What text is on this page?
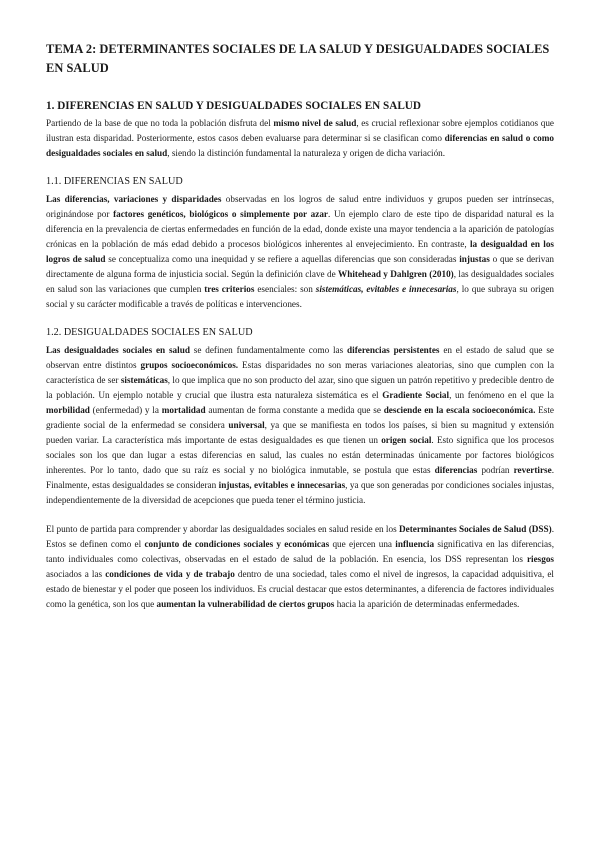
TEMA 2: DETERMINANTES SOCIALES DE LA SALUD Y DESIGUALDADES SOCIALES EN SALUD
1. DIFERENCIAS EN SALUD Y DESIGUALDADES SOCIALES EN SALUD

Partiendo de la base de que no toda la población disfruta del mismo nivel de salud, es crucial reflexionar sobre ejemplos cotidianos que ilustran esta disparidad. Posteriormente, estos casos deben evaluarse para determinar si se clasifican como diferencias en salud o como desigualdades sociales en salud, siendo la distinción fundamental la naturaleza y origen de dicha variación.

1.1. DIFERENCIAS EN SALUD

Las diferencias, variaciones y disparidades observadas en los logros de salud entre individuos y grupos pueden ser intrínsecas, originándose por factores genéticos, biológicos o simplemente por azar. Un ejemplo claro de este tipo de disparidad natural es la diferencia en la prevalencia de ciertas enfermedades en función de la edad, donde existe una mayor tendencia a la aparición de patologías crónicas en la población de más edad debido a procesos biológicos inherentes al envejecimiento. En contraste, la desigualdad en los logros de salud se conceptualiza como una inequidad y se refiere a aquellas diferencias que son consideradas injustas o que se derivan directamente de alguna forma de injusticia social. Según la definición clave de Whitehead y Dahlgren (2010), las desigualdades sociales en salud son las variaciones que cumplen tres criterios esenciales: son sistemáticas, evitables e innecesarias, lo que subraya su origen social y su carácter modificable a través de políticas e intervenciones.

1.2. DESIGUALDADES SOCIALES EN SALUD

Las desigualdades sociales en salud se definen fundamentalmente como las diferencias persistentes en el estado de salud que se observan entre distintos grupos socioeconómicos. Estas disparidades no son meras variaciones aleatorias, sino que cumplen con la característica de ser sistemáticas, lo que implica que no son producto del azar, sino que siguen un patrón repetitivo y predecible dentro de la población. Un ejemplo notable y crucial que ilustra esta naturaleza sistemática es el Gradiente Social, un fenómeno en el que la morbilidad (enfermedad) y la mortalidad aumentan de forma constante a medida que se desciende en la escala socioeconómica. Este gradiente social de la enfermedad se considera universal, ya que se manifiesta en todos los países, si bien su magnitud y extensión pueden variar. La característica más importante de estas desigualdades es que tienen un origen social. Esto significa que los procesos sociales son los que dan lugar a estas diferencias en salud, las cuales no están determinadas únicamente por factores biológicos inherentes. Por lo tanto, dado que su raíz es social y no biológica inmutable, se postula que estas diferencias podrían revertirse. Finalmente, estas desigualdades se consideran injustas, evitables e innecesarias, ya que son generadas por condiciones sociales injustas, independientemente de la diversidad de acepciones que pueda tener el término justicia.

El punto de partida para comprender y abordar las desigualdades sociales en salud reside en los Determinantes Sociales de Salud (DSS). Estos se definen como el conjunto de condiciones sociales y económicas que ejercen una influencia significativa en las diferencias, tanto individuales como colectivas, observadas en el estado de salud de la población. En esencia, los DSS representan los riesgos asociados a las condiciones de vida y de trabajo dentro de una sociedad, tales como el nivel de ingresos, la capacidad adquisitiva, el estado de bienestar y el poder que poseen los individuos. Es crucial destacar que estos determinantes, a diferencia de factores individuales como la genética, son los que aumentan la vulnerabilidad de ciertos grupos hacia la aparición de determinadas enfermedades.
